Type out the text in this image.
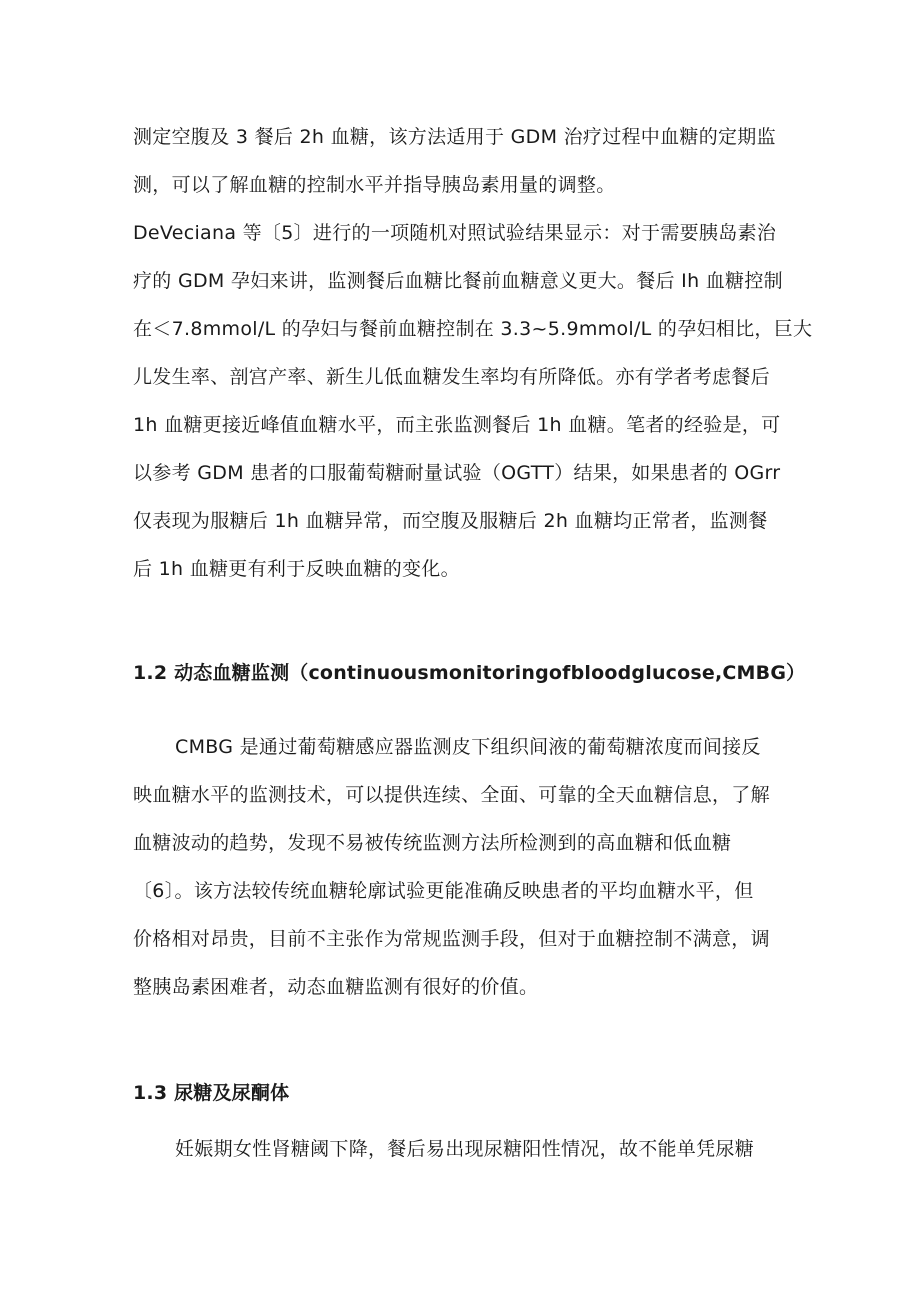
测定空腹及 3 餐后 2h 血糖，该方法适用于 GDM 治疗过程中血糖的定期监
测，可以了解血糖的控制水平并指导胰岛素用量的调整。
DeVeciana 等〔5〕进行的一项随机对照试验结果显示：对于需要胰岛素治
疗的 GDM 孕妇来讲，监测餐后血糖比餐前血糖意义更大。餐后 Ih 血糖控制
在＜7.8mmol/L 的孕妇与餐前血糖控制在 3.3~5.9mmol/L 的孕妇相比，巨大
儿发生率、剖宫产率、新生儿低血糖发生率均有所降低。亦有学者考虑餐后
1h 血糖更接近峰值血糖水平，而主张监测餐后 1h 血糖。笔者的经验是，可
以参考 GDM 患者的口服葡萄糖耐量试验（OGTT）结果，如果患者的 OGrr
仅表现为服糖后 1h 血糖异常，而空腹及服糖后 2h 血糖均正常者，监测餐
后 1h 血糖更有利于反映血糖的变化。
1.2 动态血糖监测（continuousmonitoringofbloodglucose,CMBG）
CMBG 是通过葡萄糖感应器监测皮下组织间液的葡萄糖浓度而间接反
映血糖水平的监测技术，可以提供连续、全面、可靠的全天血糖信息，了解
血糖波动的趋势，发现不易被传统监测方法所检测到的高血糖和低血糖
〔6〕。该方法较传统血糖轮廓试验更能准确反映患者的平均血糖水平，但
价格相对昂贵，目前不主张作为常规监测手段，但对于血糖控制不满意，调
整胰岛素困难者，动态血糖监测有很好的价值。
1.3 尿糖及尿酮体
妊娠期女性肾糖阈下降，餐后易出现尿糖阳性情况，故不能单凭尿糖
